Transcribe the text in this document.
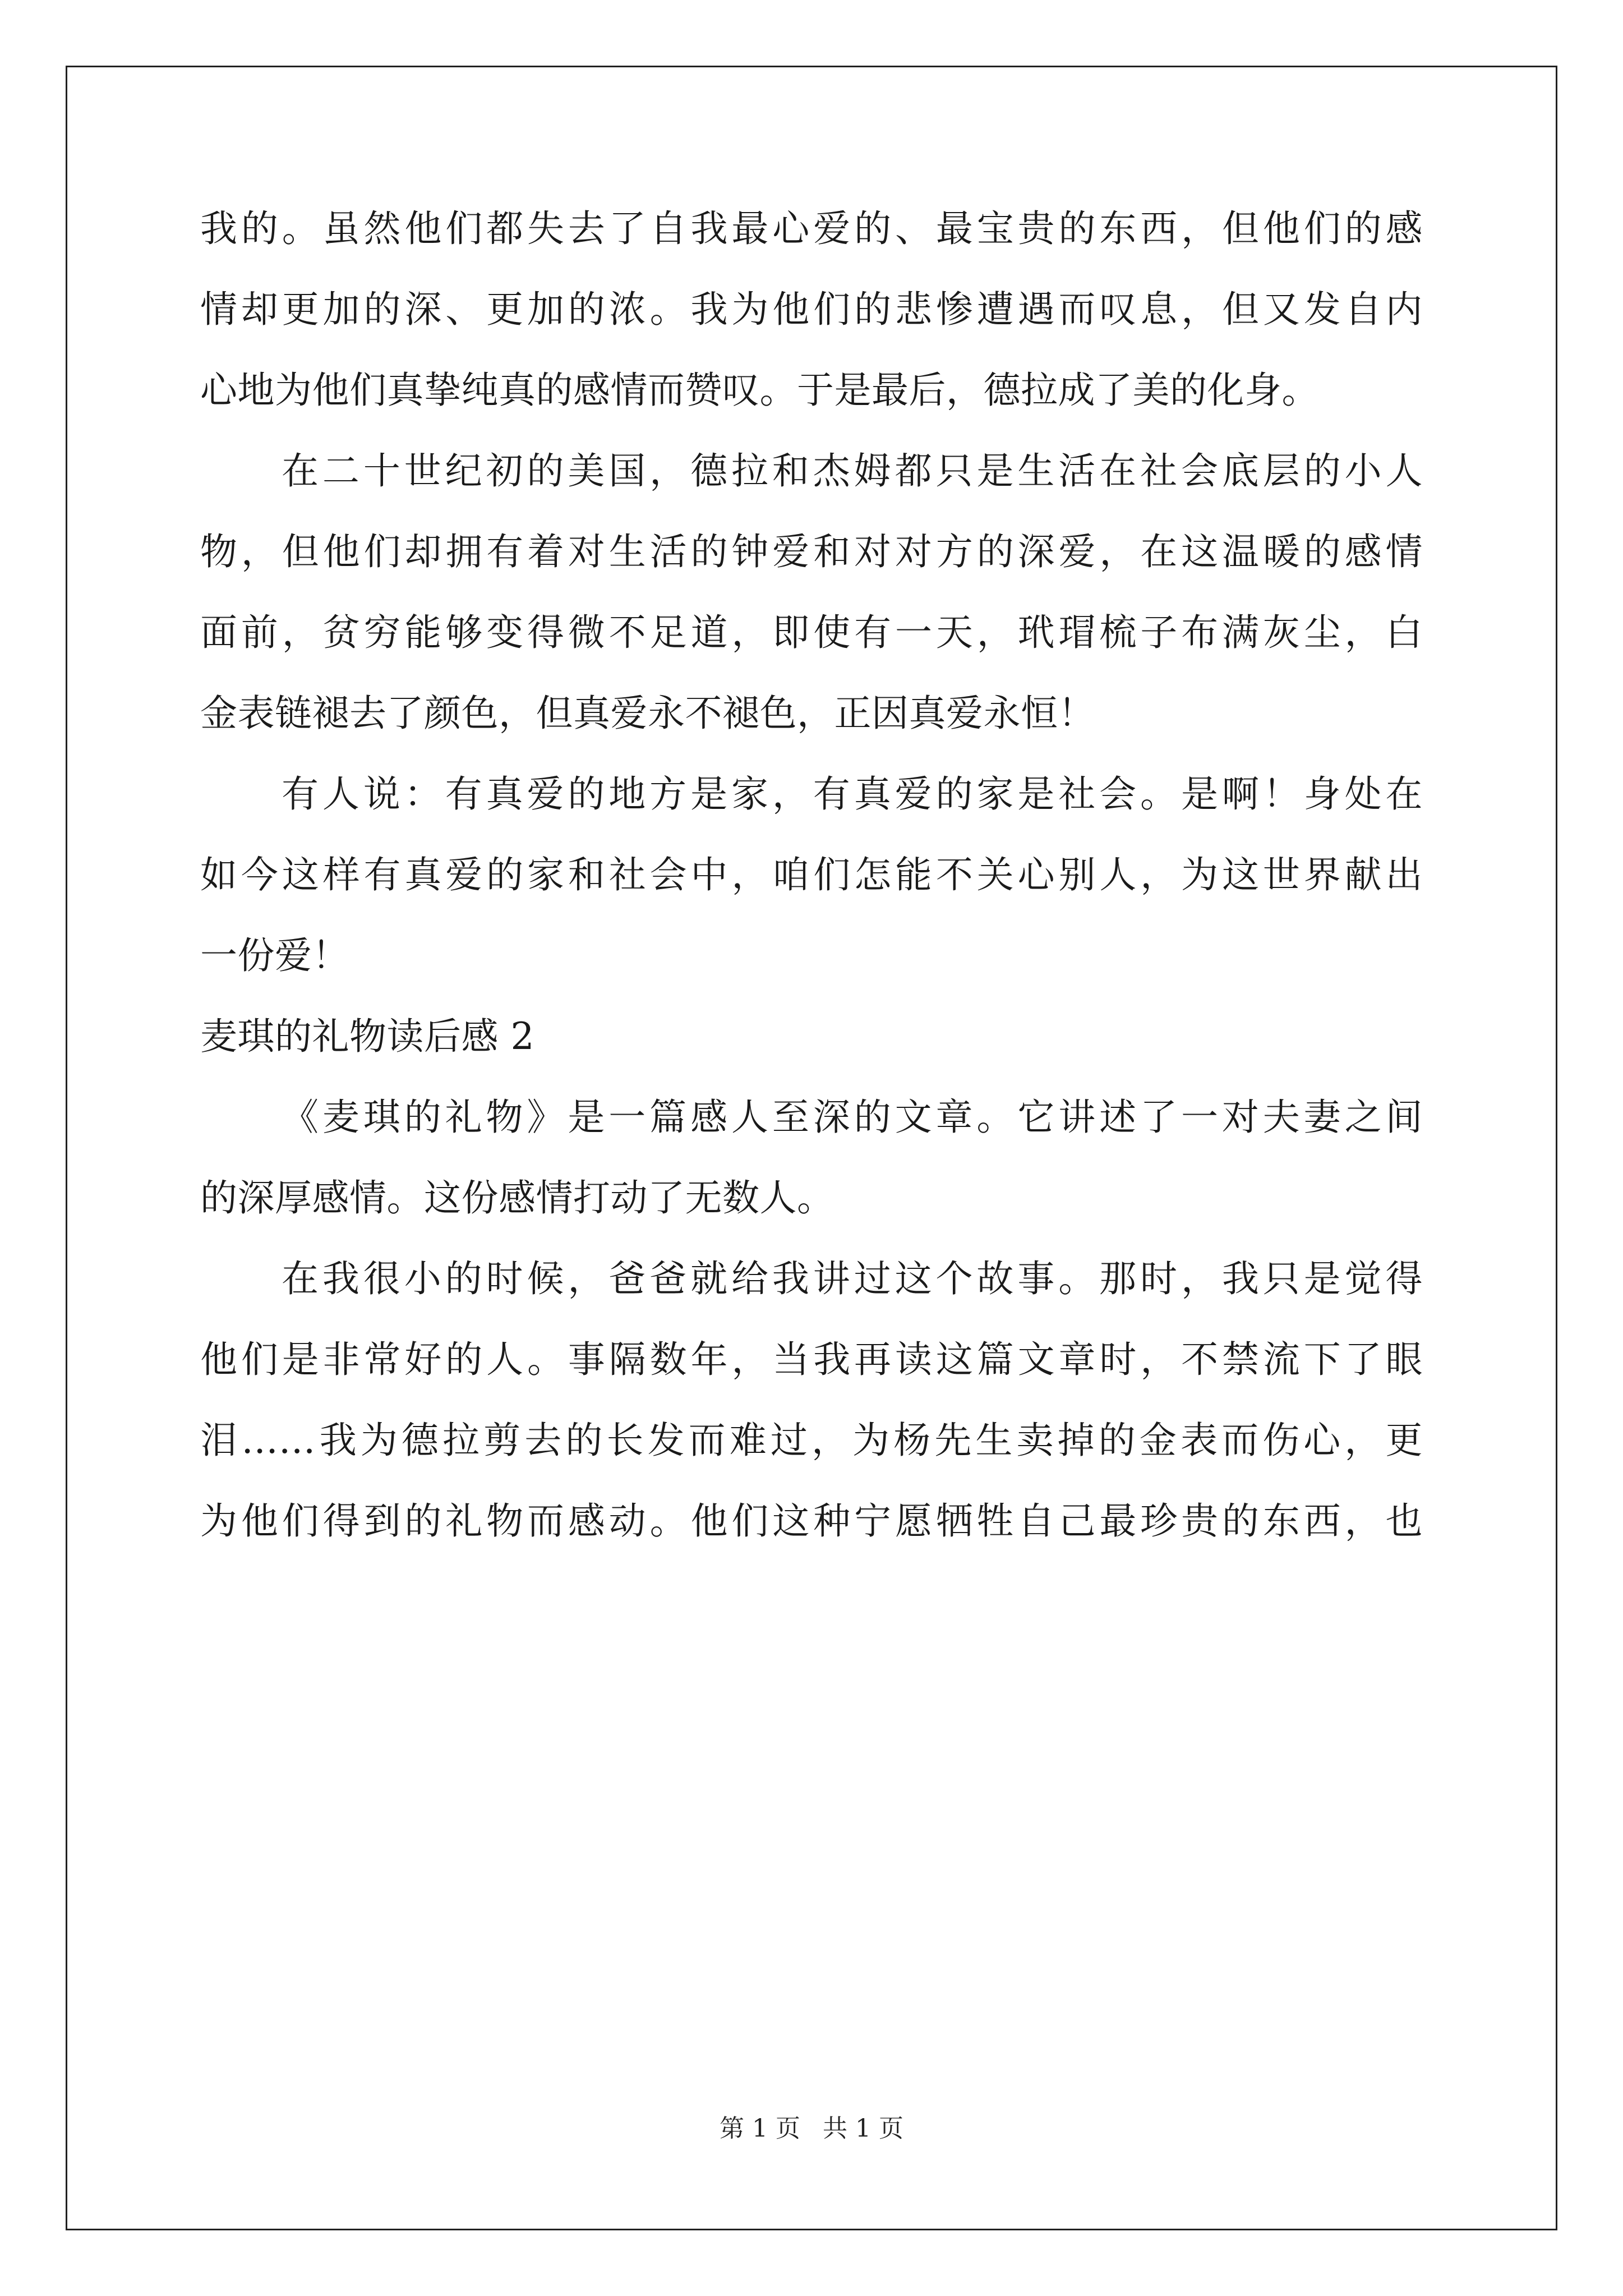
我的。虽然他们都失去了自我最心爱的、最宝贵的东西，但他们的感
情却更加的深、更加的浓。我为他们的悲惨遭遇而叹息，但又发自内
心地为他们真挚纯真的感情而赞叹。于是最后，德拉成了美的化身。
在二十世纪初的美国，德拉和杰姆都只是生活在社会底层的小人
物，但他们却拥有着对生活的钟爱和对对方的深爱，在这温暖的感情
面前，贫穷能够变得微不足道，即使有一天，玳瑁梳子布满灰尘，白
金表链褪去了颜色，但真爱永不褪色，正因真爱永恒！
有人说：有真爱的地方是家，有真爱的家是社会。是啊！身处在
如今这样有真爱的家和社会中，咱们怎能不关心别人，为这世界献出
一份爱！
麦琪的礼物读后感 2
《麦琪的礼物》是一篇感人至深的文章。它讲述了一对夫妻之间
的深厚感情。这份感情打动了无数人。
在我很小的时候，爸爸就给我讲过这个故事。那时，我只是觉得
他们是非常好的人。事隔数年，当我再读这篇文章时，不禁流下了眼
泪……我为德拉剪去的长发而难过，为杨先生卖掉的金表而伤心，更
为他们得到的礼物而感动。他们这种宁愿牺牲自己最珍贵的东西，也
第 1 页 共 1 页
